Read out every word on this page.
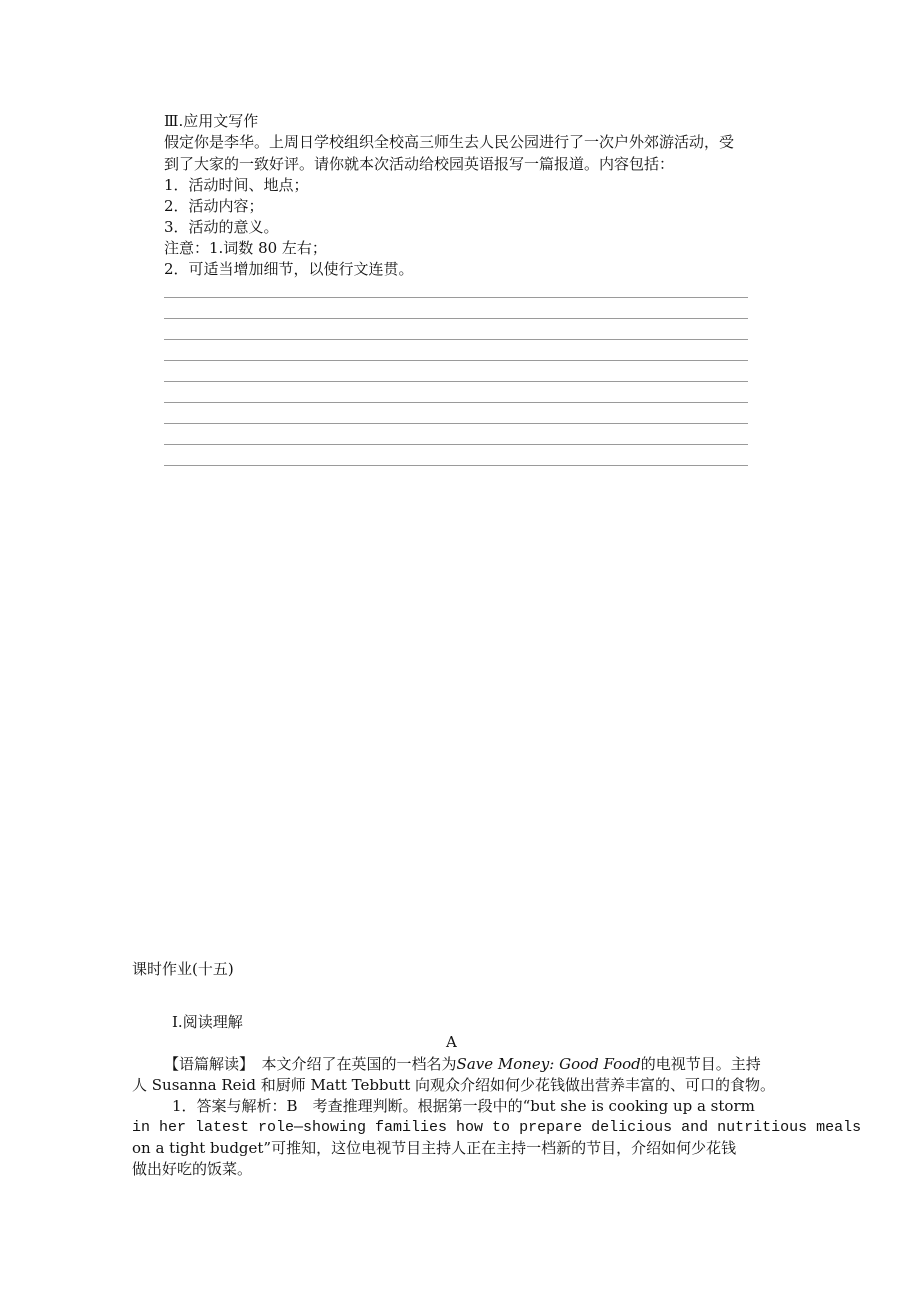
Ⅲ.应用文写作
假定你是李华。上周日学校组织全校高三师生去人民公园进行了一次户外郊游活动，受
到了大家的一致好评。请你就本次活动给校园英语报写一篇报道。内容包括：
1．活动时间、地点；
2．活动内容；
3．活动的意义。
注意：1.词数 80 左右；
2．可适当增加细节，以使行文连贯。
课时作业(十五)
Ⅰ.阅读理解
A
【语篇解读】　 本文介绍了在英国的一档名为Save Money: Good Food的电视节目。主持
人 Susanna Reid 和厨师 Matt Tebbutt 向观众介绍如何少花钱做出营养丰富的、可口的食物。
1．答案与解析：B　考查推理判断。根据第一段中的“but she is cooking up a storm
in her latest role—showing families how to prepare delicious and nutritious meals
on a tight budget”可推知，这位电视节目主持人正在主持一档新的节目，介绍如何少花钱
做出好吃的饭菜。
